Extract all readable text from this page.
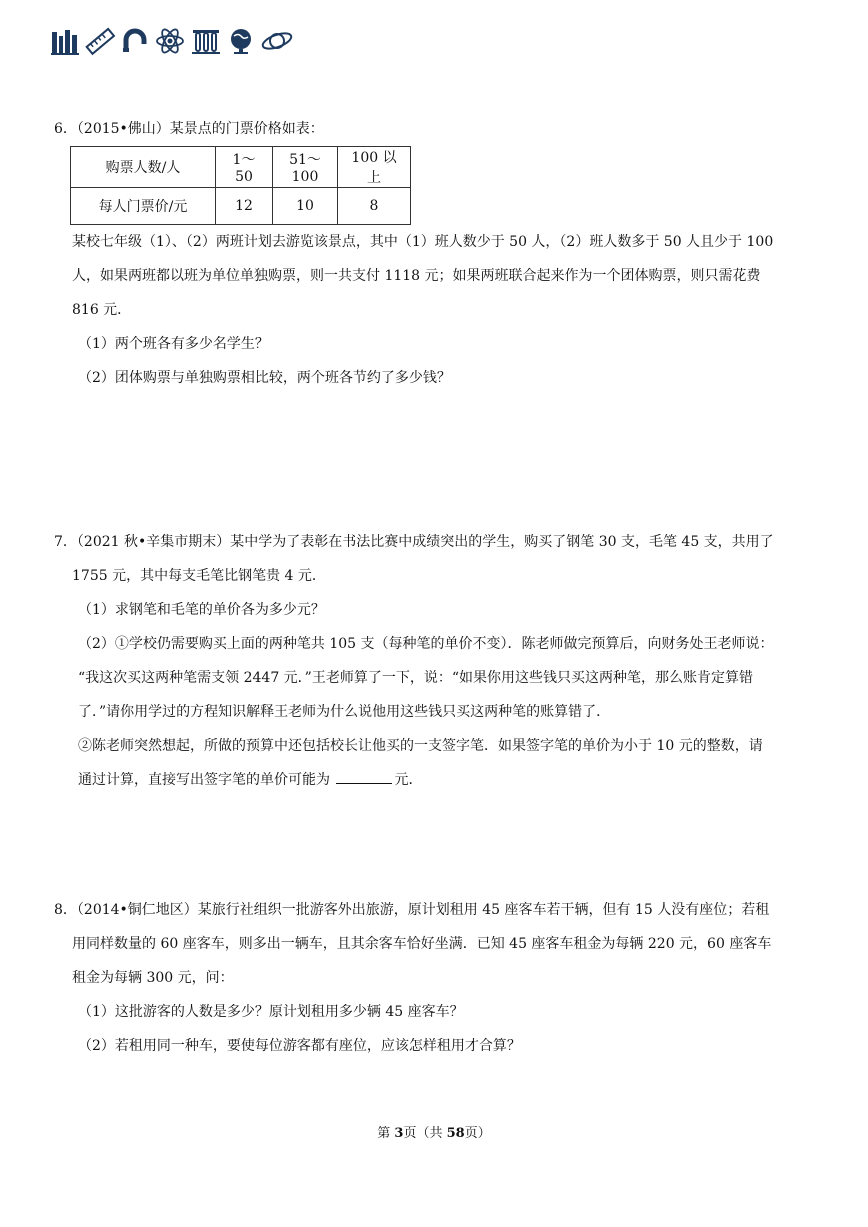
6．（2015•佛山）某景点的门票价格如表：
购票人数/人	1～50	51～100	100 以上
每人门票价/元	12	10	8
某校七年级（1）、（2）两班计划去游览该景点，其中（1）班人数少于 50 人，（2）班人数多于 50 人且少于 100
人，如果两班都以班为单位单独购票，则一共支付 1118 元；如果两班联合起来作为一个团体购票，则只需花费
816 元．
（1）两个班各有多少名学生？
（2）团体购票与单独购票相比较，两个班各节约了多少钱？
7．（2021 秋•辛集市期末）某中学为了表彰在书法比赛中成绩突出的学生，购买了钢笔 30 支，毛笔 45 支，共用了
1755 元，其中每支毛笔比钢笔贵 4 元．
（1）求钢笔和毛笔的单价各为多少元？
（2）①学校仍需要购买上面的两种笔共 105 支（每种笔的单价不变）．陈老师做完预算后，向财务处王老师说：
“我这次买这两种笔需支领 2447 元．”王老师算了一下，说：“如果你用这些钱只买这两种笔，那么账肯定算错
了．”请你用学过的方程知识解释王老师为什么说他用这些钱只买这两种笔的账算错了．
②陈老师突然想起，所做的预算中还包括校长让他买的一支签字笔．如果签字笔的单价为小于 10 元的整数，请
通过计算，直接写出签字笔的单价可能为	元．
8．（2014•铜仁地区）某旅行社组织一批游客外出旅游，原计划租用 45 座客车若干辆，但有 15 人没有座位；若租
用同样数量的 60 座客车，则多出一辆车，且其余客车恰好坐满．已知 45 座客车租金为每辆 220 元，60 座客车
租金为每辆 300 元，问：
（1）这批游客的人数是多少？原计划租用多少辆 45 座客车？
（2）若租用同一种车，要使每位游客都有座位，应该怎样租用才合算？
第 3页（共 58页）
